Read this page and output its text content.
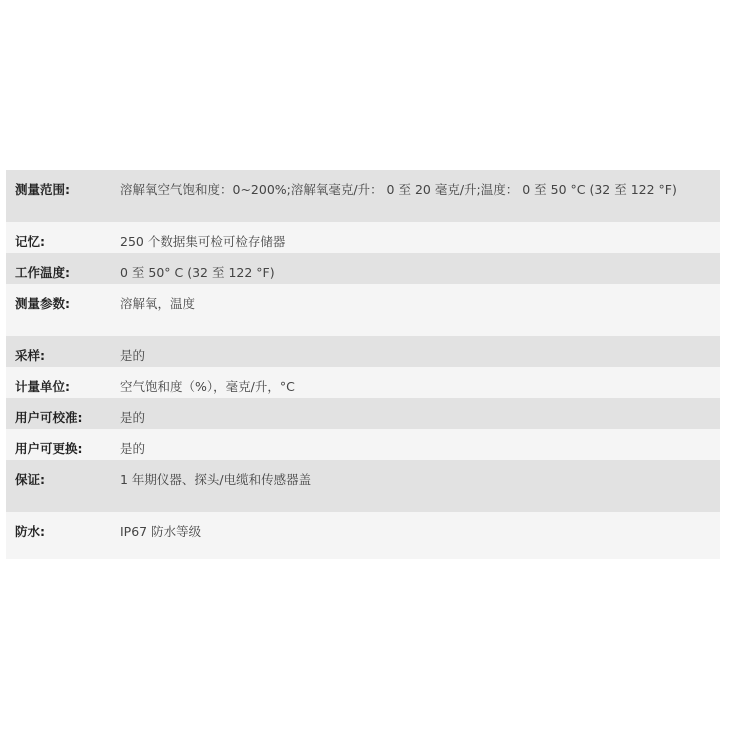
测量范围:	溶解氧空气饱和度：0~200%;溶解氧毫克/升： 0 至 20 毫克/升;温度： 0 至 50 °C (32 至 122 °F)
记忆:	250 个数据集可检可检存储器
工作温度:	0 至 50° C (32 至 122 °F)
测量参数:	溶解氧，温度
采样:	是的
计量单位:	空气饱和度（%），毫克/升，°C
用户可校准:	是的
用户可更换:	是的
保证:	1 年期仪器、探头/电缆和传感器盖
防水:	IP67 防水等级
